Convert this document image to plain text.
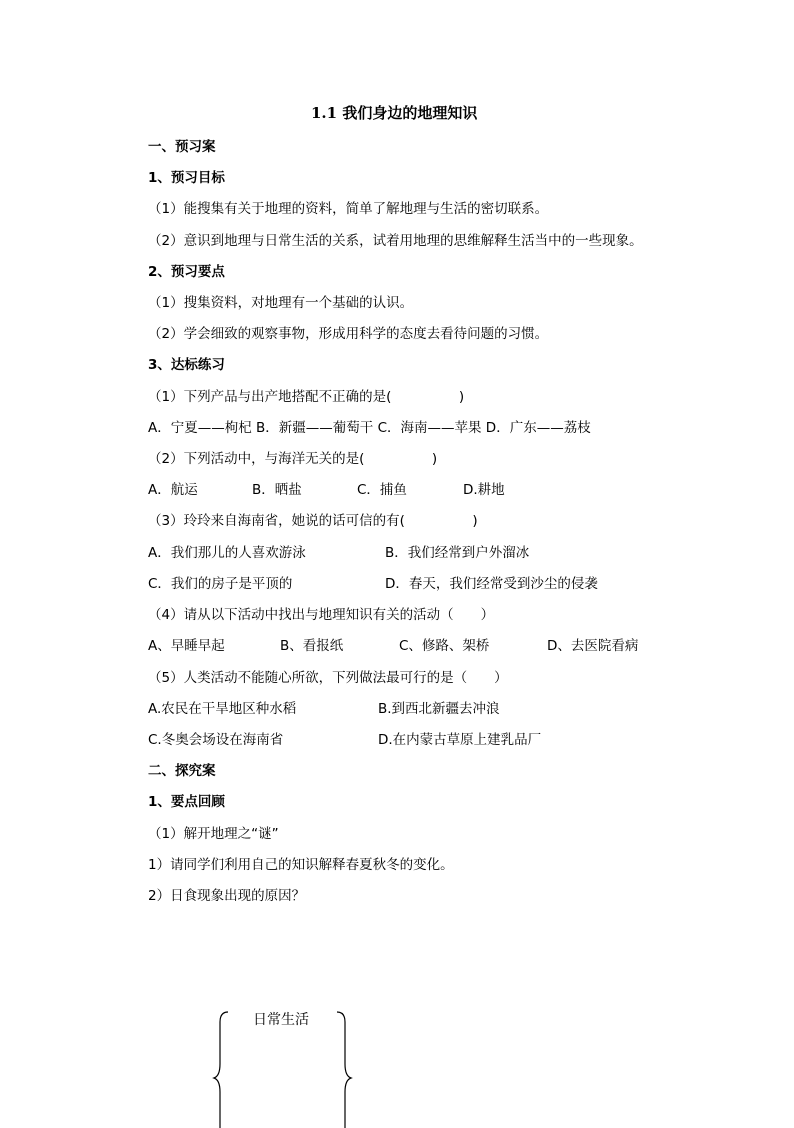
1.1 我们身边的地理知识
一、预习案
1、预习目标
（1）能搜集有关于地理的资料，简单了解地理与生活的密切联系。
（2）意识到地理与日常生活的关系，试着用地理的思维解释生活当中的一些现象。
2、预习要点
（1）搜集资料，对地理有一个基础的认识。
（2）学会细致的观察事物，形成用科学的态度去看待问题的习惯。
3、达标练习
（1）下列产品与出产地搭配不正确的是(　　　　　)
A．宁夏——枸杞 B．新疆——葡萄干 C．海南——苹果 D．广东——荔枝
（2）下列活动中，与海洋无关的是(　　　　　)
A．航运	B．晒盐	C．捕鱼	D.耕地
（3）玲玲来自海南省，她说的话可信的有(　　　　　)
A．我们那儿的人喜欢游泳	B．我们经常到户外溜冰
C．我们的房子是平顶的	D．春天，我们经常受到沙尘的侵袭
（4）请从以下活动中找出与地理知识有关的活动（　　）
A、早睡早起	B、看报纸	C、修路、架桥	D、去医院看病
（5）人类活动不能随心所欲，下列做法最可行的是（　　）
A.农民在干旱地区种水稻	B.到西北新疆去冲浪
C.冬奥会场设在海南省	D.在内蒙古草原上建乳品厂
二、探究案
1、要点回顾
（1）解开地理之“谜”
1）请同学们利用自己的知识解释春夏秋冬的变化。
2）日食现象出现的原因？
日常生活
